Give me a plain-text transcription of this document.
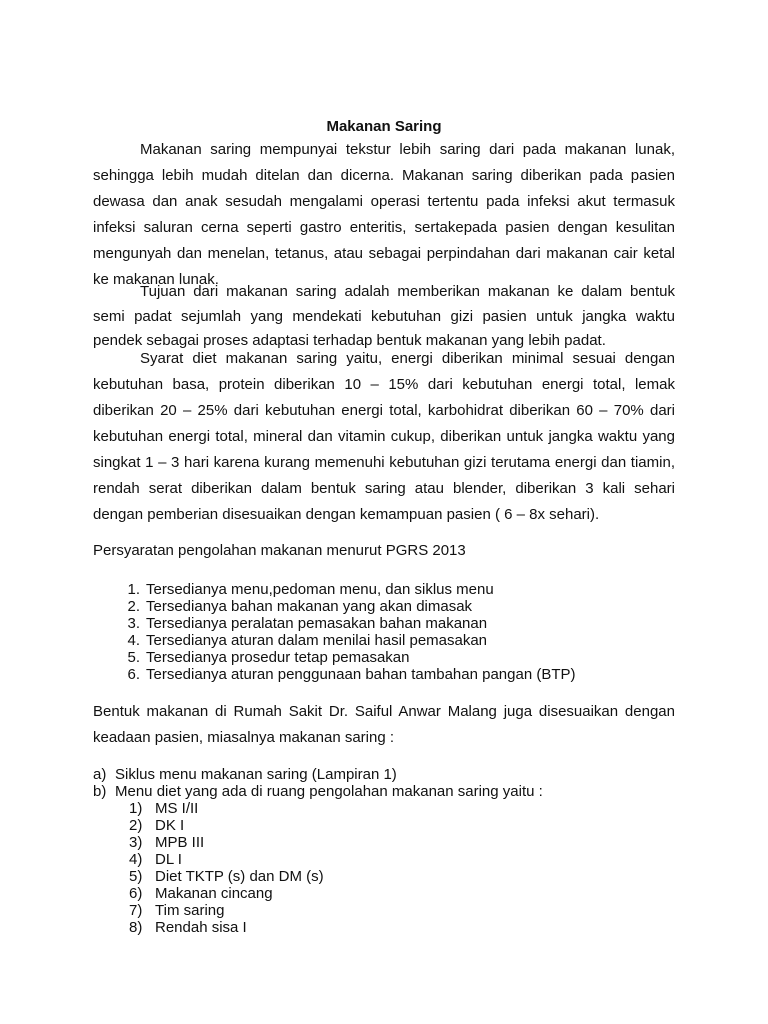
Makanan Saring

Makanan saring mempunyai tekstur lebih saring dari pada makanan lunak, sehingga lebih mudah ditelan dan dicerna. Makanan saring diberikan pada pasien dewasa dan anak sesudah mengalami operasi tertentu pada infeksi akut termasuk infeksi saluran cerna seperti gastro enteritis, sertakepada pasien dengan kesulitan mengunyah dan menelan, tetanus, atau sebagai perpindahan dari makanan cair ketal ke makanan lunak.

Tujuan dari makanan saring adalah memberikan makanan ke dalam bentuk semi padat sejumlah yang mendekati kebutuhan gizi pasien untuk jangka waktu pendek sebagai proses adaptasi terhadap bentuk makanan yang lebih padat.

Syarat diet makanan saring yaitu, energi diberikan minimal sesuai dengan kebutuhan basa, protein diberikan 10 – 15% dari kebutuhan energi total, lemak diberikan 20 – 25% dari kebutuhan energi total, karbohidrat diberikan 60 – 70% dari kebutuhan energi total, mineral dan vitamin cukup, diberikan untuk jangka waktu yang singkat 1 – 3 hari karena kurang memenuhi kebutuhan gizi terutama energi dan tiamin, rendah serat diberikan dalam bentuk saring atau blender, diberikan 3 kali sehari dengan pemberian disesuaikan dengan kemampuan pasien ( 6 – 8x sehari).

Persyaratan pengolahan makanan menurut PGRS 2013

1. Tersedianya menu,pedoman menu, dan siklus menu
2. Tersedianya bahan makanan yang akan dimasak
3. Tersedianya peralatan pemasakan bahan makanan
4. Tersedianya aturan dalam menilai hasil pemasakan
5. Tersedianya prosedur tetap pemasakan
6. Tersedianya aturan penggunaan bahan tambahan pangan (BTP)

Bentuk makanan di Rumah Sakit Dr. Saiful Anwar Malang juga disesuaikan dengan keadaan pasien, miasalnya makanan saring :

a) Siklus menu makanan saring (Lampiran 1)
b) Menu diet yang ada di ruang pengolahan makanan saring yaitu :
1) MS I/II
2) DK I
3) MPB III
4) DL I
5) Diet TKTP (s) dan DM (s)
6) Makanan cincang
7) Tim saring
8) Rendah sisa I
